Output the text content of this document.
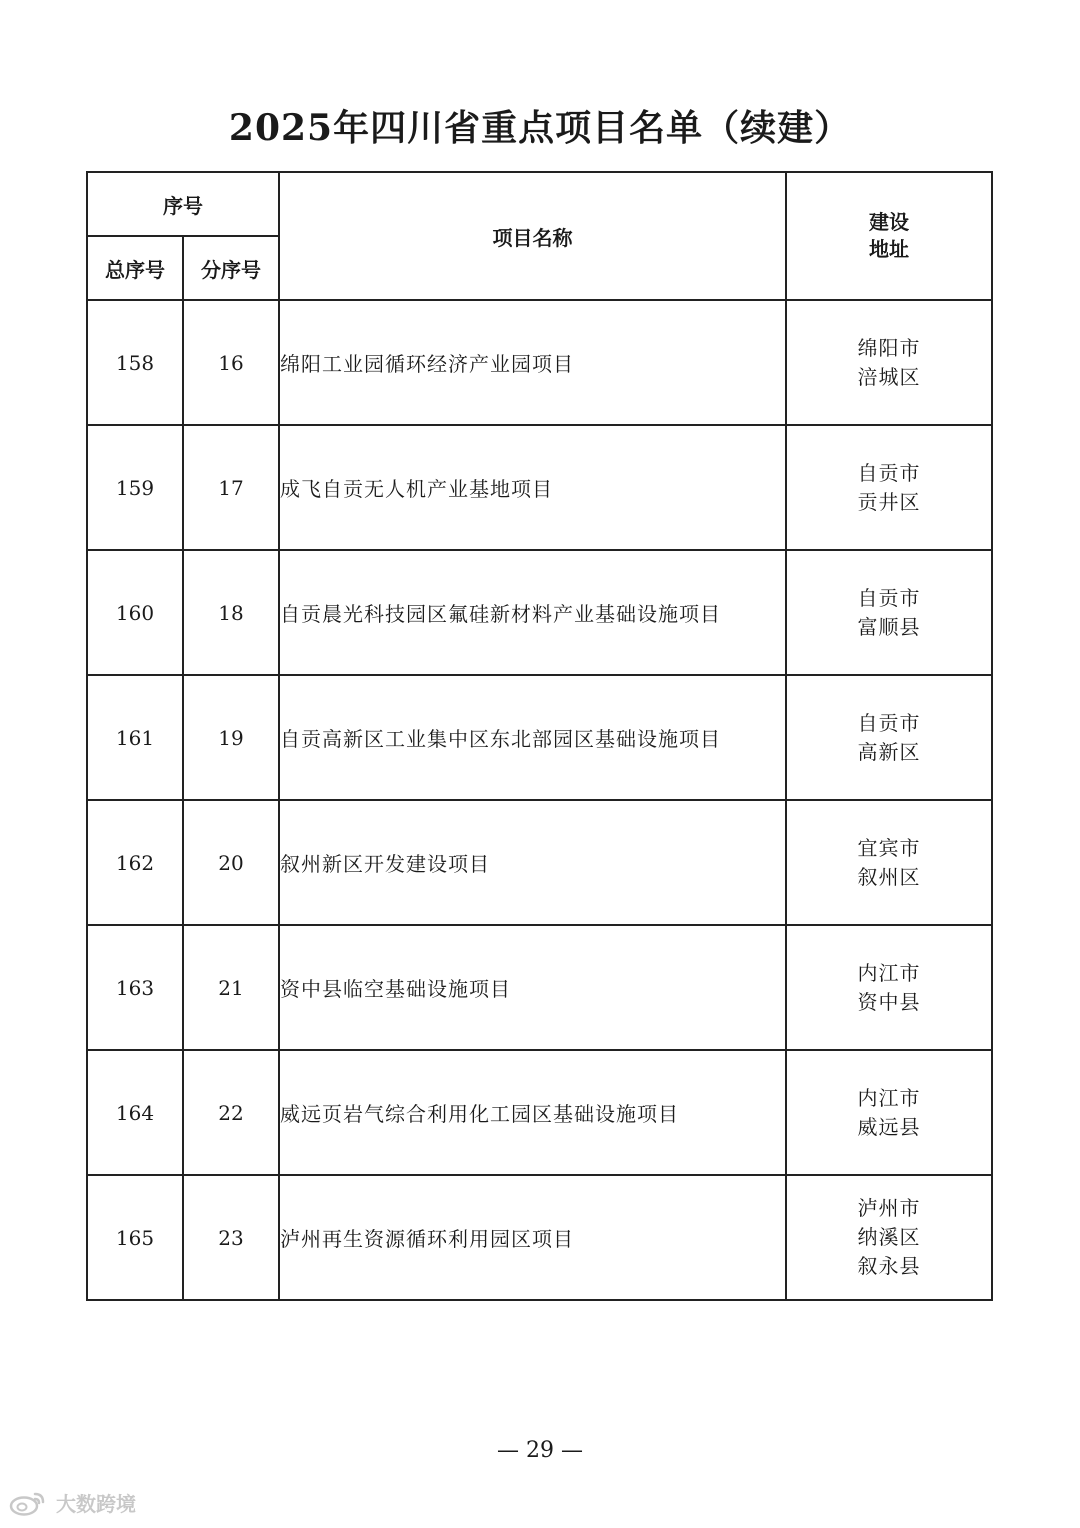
2025年四川省重点项目名单（续建）
序号		项目名称	建设
地址

总序号	分序号		
158	16	绵阳工业园循环经济产业园项目	绵阳市
涪城区

159	17	成飞自贡无人机产业基地项目	自贡市
贡井区

160	18	自贡晨光科技园区氟硅新材料产业基础设施项目	自贡市
富顺县

161	19	自贡高新区工业集中区东北部园区基础设施项目	自贡市
高新区

162	20	叙州新区开发建设项目	宜宾市
叙州区

163	21	资中县临空基础设施项目	内江市
资中县

164	22	威远页岩气综合利用化工园区基础设施项目	内江市
威远县

165	23	泸州再生资源循环利用园区项目	泸州市
纳溪区
叙永县
— 29 —
大数跨境
